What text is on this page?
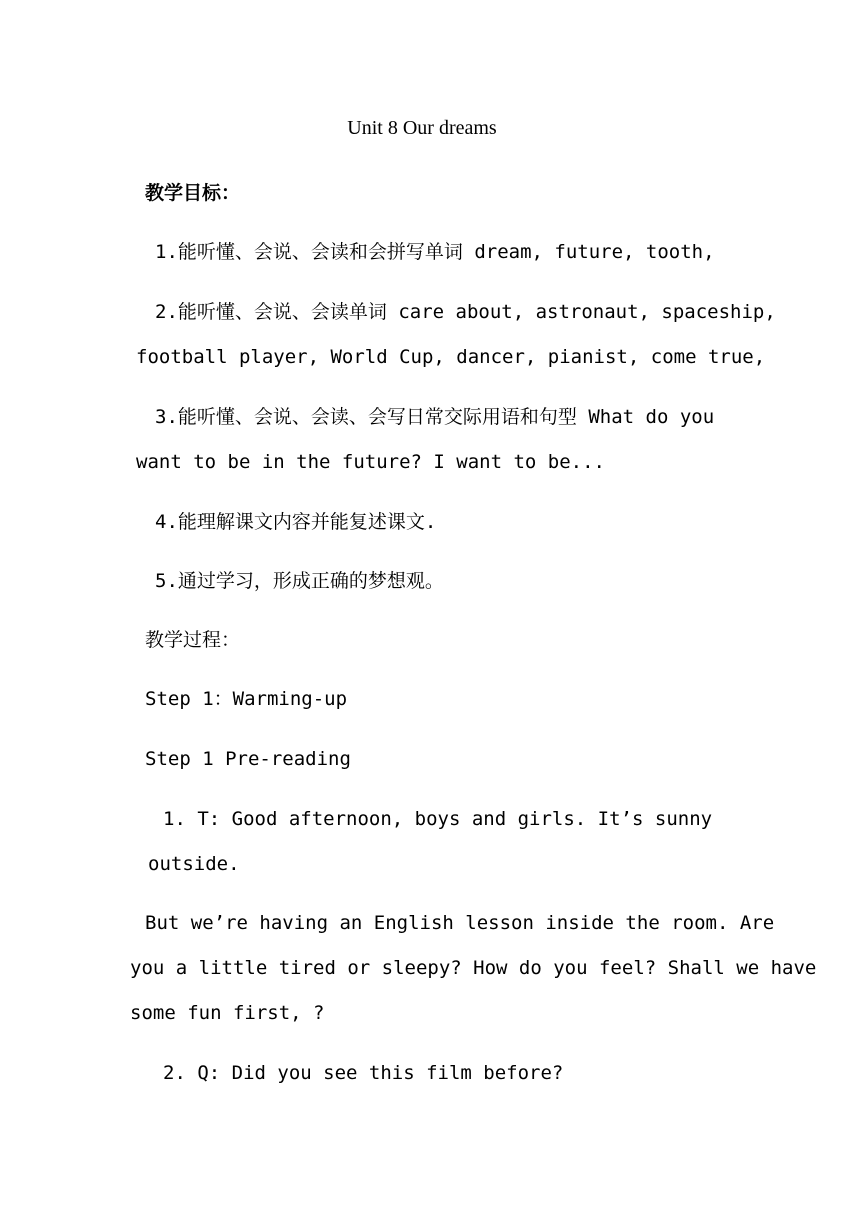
Unit 8 Our dreams
教学目标：
1.能听懂、会说、会读和会拼写单词 dream, future, tooth,
2.能听懂、会说、会读单词 care about, astronaut, spaceship,
football player, World Cup, dancer, pianist, come true,
3.能听懂、会说、会读、会写日常交际用语和句型 What do you
want to be in the future? I want to be...
4.能理解课文内容并能复述课文.
5.通过学习，形成正确的梦想观。
教学过程：
Step 1：Warming-up
Step 1 Pre-reading
1. T: Good afternoon, boys and girls. It’s sunny
outside.
But we’re having an English lesson inside the room. Are
you a little tired or sleepy? How do you feel? Shall we have
some fun first, ?
2. Q: Did you see this film before?
